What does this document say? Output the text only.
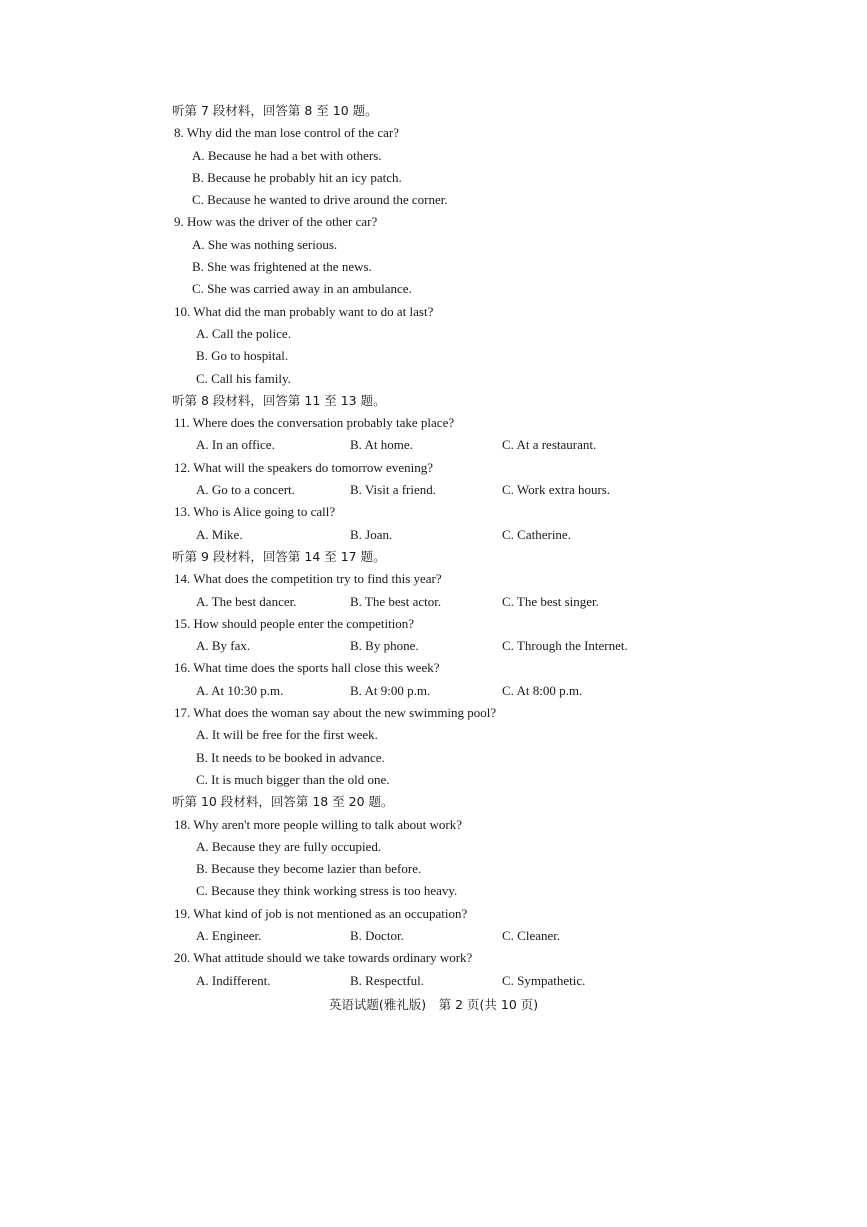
听第 7 段材料，回答第 8 至 10 题。
8. Why did the man lose control of the car?
A. Because he had a bet with others.
B. Because he probably hit an icy patch.
C. Because he wanted to drive around the corner.
9. How was the driver of the other car?
A. She was nothing serious.
B. She was frightened at the news.
C. She was carried away in an ambulance.
10. What did the man probably want to do at last?
A. Call the police.
B. Go to hospital.
C. Call his family.
听第 8 段材料，回答第 11 至 13 题。
11. Where does the conversation probably take place?
A. In an office.	B. At home.	C. At a restaurant.
12. What will the speakers do tomorrow evening?
A. Go to a concert.	B. Visit a friend.	C. Work extra hours.
13. Who is Alice going to call?
A. Mike.	B. Joan.	C. Catherine.
听第 9 段材料，回答第 14 至 17 题。
14. What does the competition try to find this year?
A. The best dancer.	B. The best actor.	C. The best singer.
15. How should people enter the competition?
A. By fax.	B. By phone.	C. Through the Internet.
16. What time does the sports hall close this week?
A. At 10:30 p.m.	B. At 9:00 p.m.	C. At 8:00 p.m.
17. What does the woman say about the new swimming pool?
A. It will be free for the first week.
B. It needs to be booked in advance.
C. It is much bigger than the old one.
听第 10 段材料，回答第 18 至 20 题。
18. Why aren't more people willing to talk about work?
A. Because they are fully occupied.
B. Because they become lazier than before.
C. Because they think working stress is too heavy.
19. What kind of job is not mentioned as an occupation?
A. Engineer.	B. Doctor.	C. Cleaner.
20. What attitude should we take towards ordinary work?
A. Indifferent.	B. Respectful.	C. Sympathetic.
英语试题(雅礼版)　第 2 页(共 10 页)
